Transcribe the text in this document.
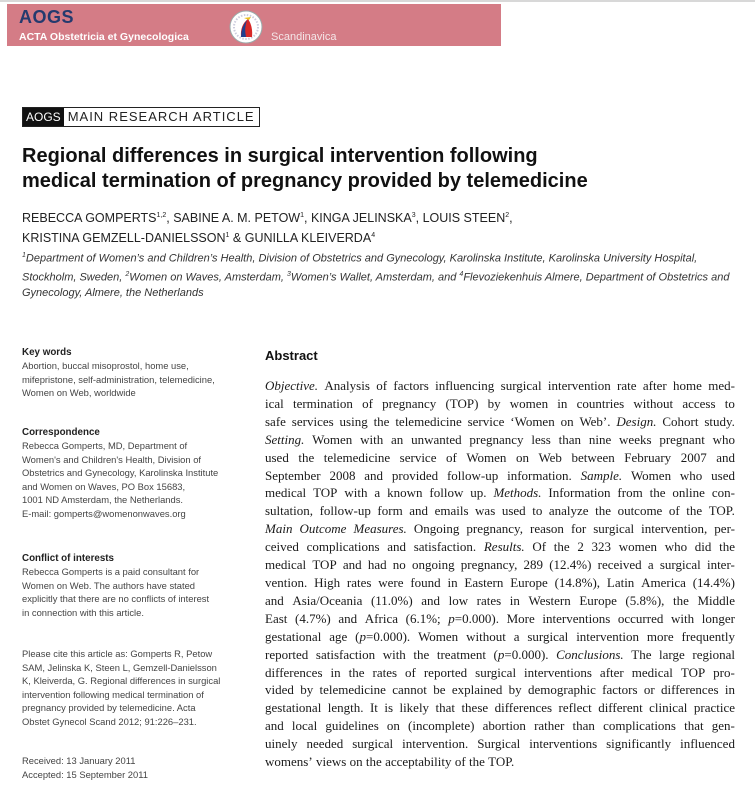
AOGS
ACTA Obstetricia et Gynecologica	Scandinavica
AOGS MAIN RESEARCH ARTICLE
Regional differences in surgical intervention following
medical termination of pregnancy provided by telemedicine
REBECCA GOMPERTS$^{1,2}$, SABINE A. M. PETOW$^1$, KINGA JELINSKA$^3$, LOUIS STEEN$^2$,
KRISTINA GEMZELL-DANIELSSON$^1$ & GUNILLA KLEIVERDA$^4$
$^1$Department of Women’s and Children’s Health, Division of Obstetrics and Gynecology, Karolinska Institute, Karolinska University Hospital, Stockholm, Sweden, $^2$Women on Waves, Amsterdam, $^3$Women’s Wallet, Amsterdam, and $^4$Flevoziekenhuis Almere, Department of Obstetrics and Gynecology, Almere, the Netherlands
Key words
Abortion, buccal misoprostol, home use,
mifepristone, self-administration, telemedicine,
Women on Web, worldwide
Correspondence
Rebecca Gomperts, MD, Department of
Women's and Children's Health, Division of
Obstetrics and Gynecology, Karolinska Institute
and Women on Waves, PO Box 15683,
1001 ND Amsterdam, the Netherlands.
E-mail: gomperts@womenonwaves.org
Conflict of interests
Rebecca Gomperts is a paid consultant for
Women on Web. The authors have stated
explicitly that there are no conflicts of interest
in connection with this article.
Please cite this article as: Gomperts R, Petow
SAM, Jelinska K, Steen L, Gemzell-Danielsson
K, Kleiverda, G. Regional differences in surgical
intervention following medical termination of
pregnancy provided by telemedicine. Acta
Obstet Gynecol Scand 2012; 91:226–231.
Received: 13 January 2011
Accepted: 15 September 2011
Abstract
Objective. Analysis of factors influencing surgical intervention rate after home med-
ical termination of pregnancy (TOP) by women in countries without access to
safe services using the telemedicine service ‘Women on Web’. Design. Cohort study.
Setting. Women with an unwanted pregnancy less than nine weeks pregnant who
used the telemedicine service of Women on Web between February 2007 and
September 2008 and provided follow-up information. Sample. Women who used
medical TOP with a known follow up. Methods. Information from the online con-
sultation, follow-up form and emails was used to analyze the outcome of the TOP.
Main Outcome Measures. Ongoing pregnancy, reason for surgical intervention, per-
ceived complications and satisfaction. Results. Of the 2 323 women who did the
medical TOP and had no ongoing pregnancy, 289 (12.4%) received a surgical inter-
vention. High rates were found in Eastern Europe (14.8%), Latin America (14.4%)
and Asia/Oceania (11.0%) and low rates in Western Europe (5.8%), the Middle
East (4.7%) and Africa (6.1%; p=0.000). More interventions occurred with longer
gestational age (p=0.000). Women without a surgical intervention more frequently
reported satisfaction with the treatment (p=0.000). Conclusions. The large regional
differences in the rates of reported surgical interventions after medical TOP pro-
vided by telemedicine cannot be explained by demographic factors or differences in
gestational length. It is likely that these differences reflect different clinical practice
and local guidelines on (incomplete) abortion rather than complications that gen-
uinely needed surgical intervention. Surgical interventions significantly influenced
womens’ views on the acceptability of the TOP.
